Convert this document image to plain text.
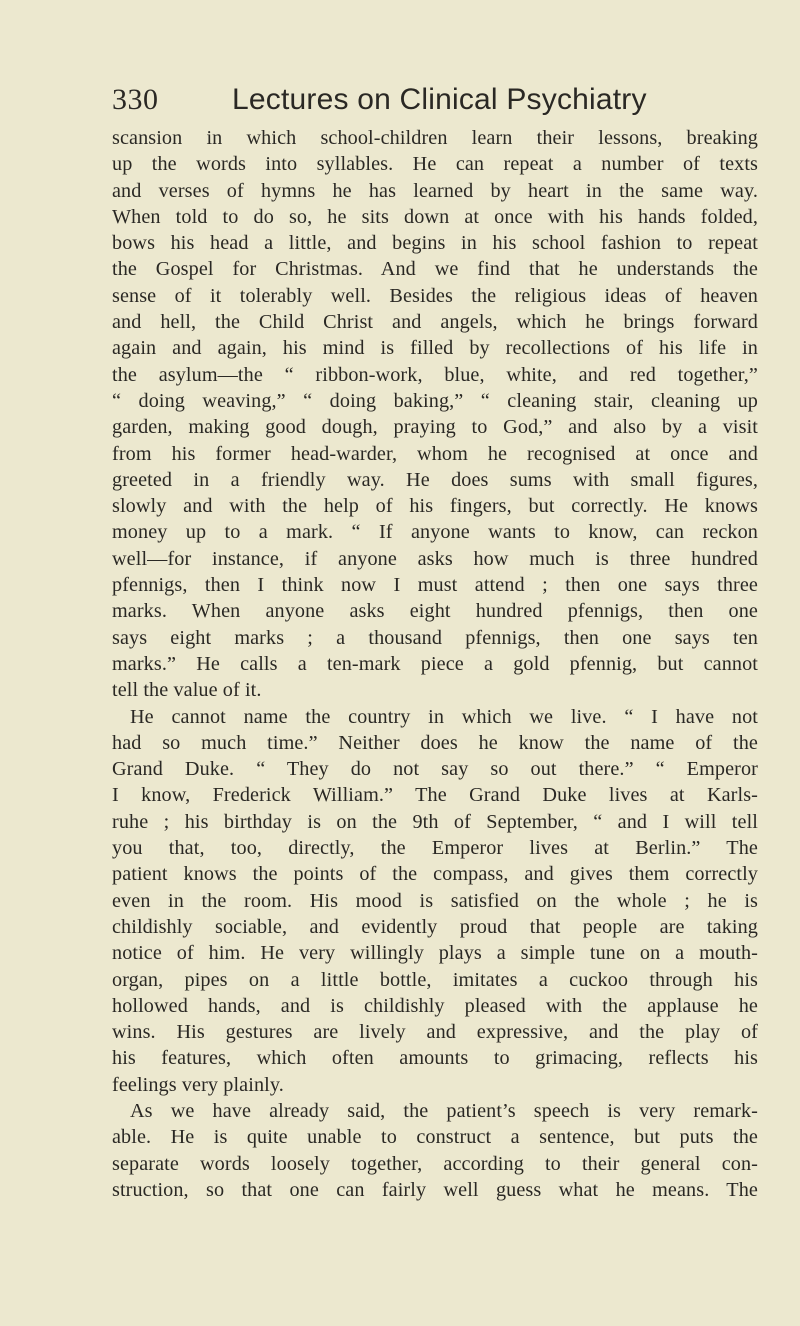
330 Lectures on Clinical Psychiatry
scansion in which school-children learn their lessons, breaking
up the words into syllables. He can repeat a number of texts
and verses of hymns he has learned by heart in the same way.
When told to do so, he sits down at once with his hands folded,
bows his head a little, and begins in his school fashion to repeat
the Gospel for Christmas. And we find that he understands the
sense of it tolerably well. Besides the religious ideas of heaven
and hell, the Child Christ and angels, which he brings forward
again and again, his mind is filled by recollections of his life in
the asylum—the “ ribbon-work, blue, white, and red together,”
“ doing weaving,” “ doing baking,” “ cleaning stair, cleaning up
garden, making good dough, praying to God,” and also by a visit
from his former head-warder, whom he recognised at once and
greeted in a friendly way. He does sums with small figures,
slowly and with the help of his fingers, but correctly. He knows
money up to a mark. “ If anyone wants to know, can reckon
well—for instance, if anyone asks how much is three hundred
pfennigs, then I think now I must attend ; then one says three
marks. When anyone asks eight hundred pfennigs, then one
says eight marks ; a thousand pfennigs, then one says ten
marks.” He calls a ten-mark piece a gold pfennig, but cannot
tell the value of it.
He cannot name the country in which we live. “ I have not
had so much time.” Neither does he know the name of the
Grand Duke. “ They do not say so out there.” “ Emperor
I know, Frederick William.” The Grand Duke lives at Karls-
ruhe ; his birthday is on the 9th of September, “ and I will tell
you that, too, directly, the Emperor lives at Berlin.” The
patient knows the points of the compass, and gives them correctly
even in the room. His mood is satisfied on the whole ; he is
childishly sociable, and evidently proud that people are taking
notice of him. He very willingly plays a simple tune on a mouth-
organ, pipes on a little bottle, imitates a cuckoo through his
hollowed hands, and is childishly pleased with the applause he
wins. His gestures are lively and expressive, and the play of
his features, which often amounts to grimacing, reflects his
feelings very plainly.
As we have already said, the patient’s speech is very remark-
able. He is quite unable to construct a sentence, but puts the
separate words loosely together, according to their general con-
struction, so that one can fairly well guess what he means. The
